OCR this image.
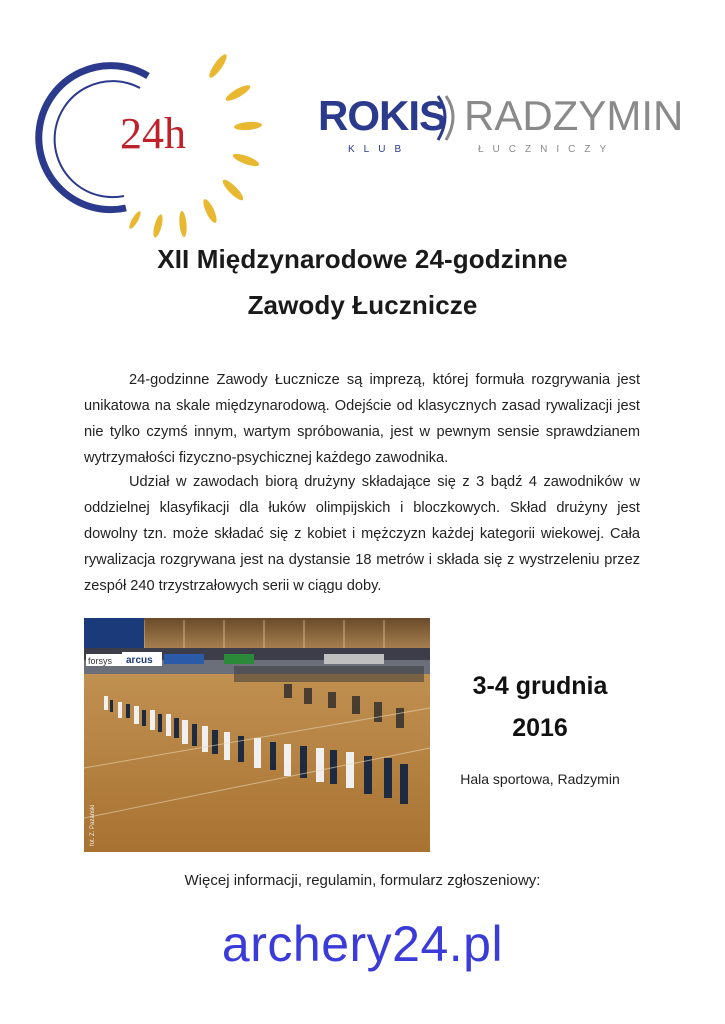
24h	ROKIS RADZYMIN
KLUB	ŁUCZNICZY
XII Międzynarodowe 24-godzinne
Zawody Łucznicze

24-godzinne Zawody Łucznicze są imprezą, której formuła rozgrywania jest unikatowa na skale międzynarodową. Odejście od klasycznych zasad rywalizacji jest nie tylko czymś innym, wartym spróbowania, jest w pewnym sensie sprawdzianem wytrzymałości fizyczno-psychicznej każdego zawodnika.

Udział w zawodach biorą drużyny składające się z 3 bądź 4 zawodników w oddzielnej klasyfikacji dla łuków olimpijskich i bloczkowych. Skład drużyny jest dowolny tzn. może składać się z kobiet i mężczyzn każdej kategorii wiekowej. Cała rywalizacja rozgrywana jest na dystansie 18 metrów i składa się z wystrzeleniu przez zespół 240 trzystrzałowych serii w ciągu doby.

forsys arcus
fot. Z. Pazański
3-4 grudnia
2016
Hala sportowa, Radzymin
Więcej informacji, regulamin, formularz zgłoszeniowy:
archery24.pl
